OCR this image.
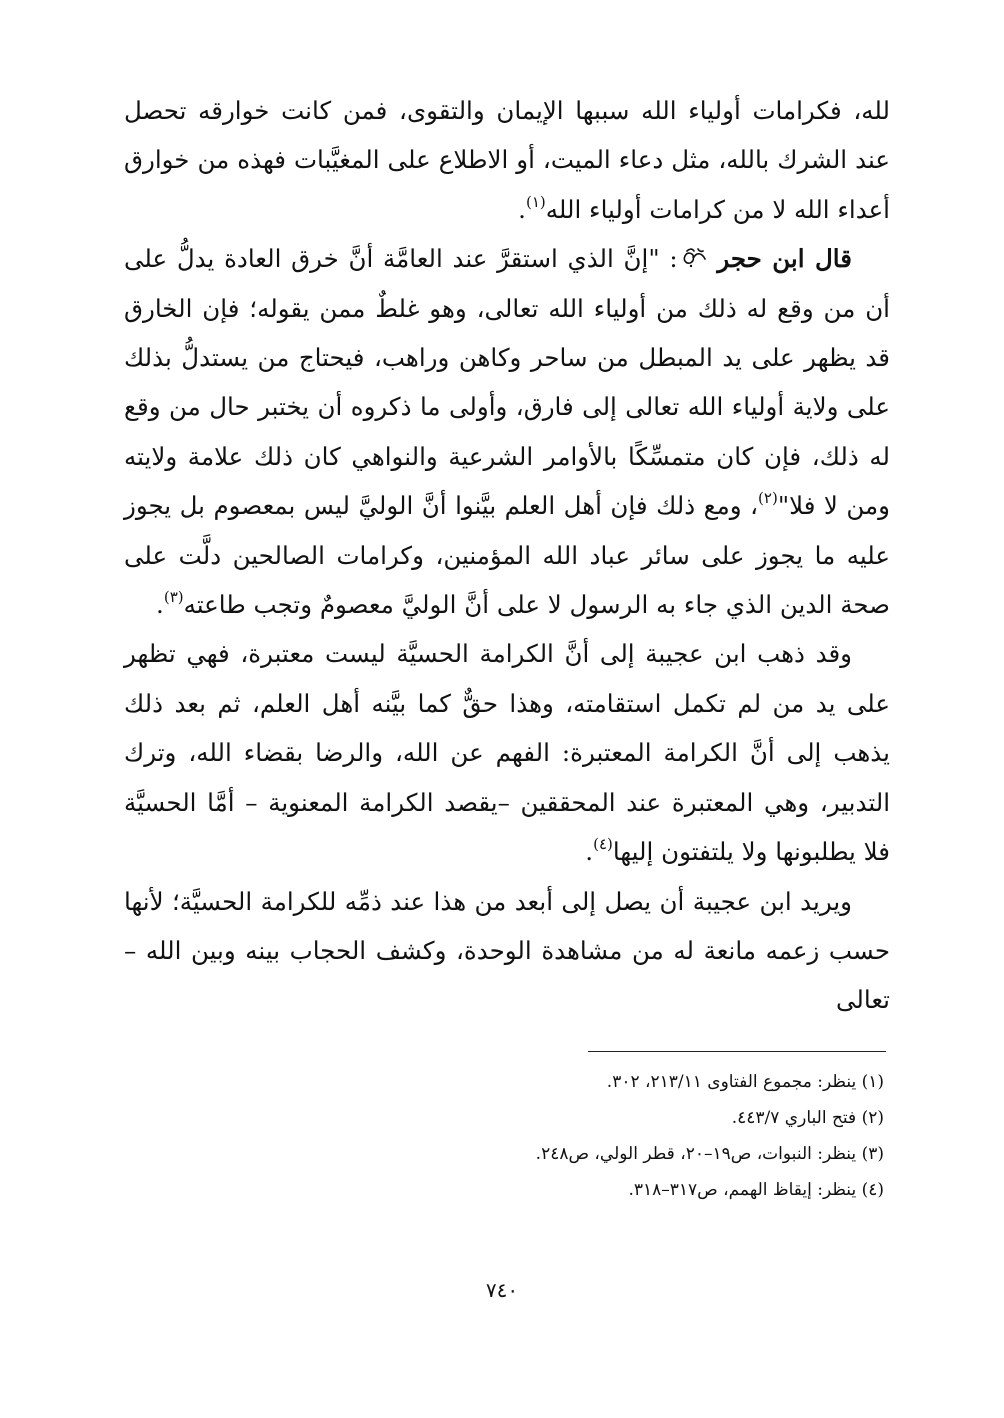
لله، فكرامات أولياء الله سببها الإيمان والتقوى، فمن كانت خوارقه تحصل عند الشرك بالله، مثل دعاء الميت، أو الاطلاع على المغيَّبات فهذه من خوارق أعداء الله لا من كرامات أولياء الله$^{(١)}$.

قال ابن حجر : "إنَّ الذي استقرَّ عند العامَّة أنَّ خرق العادة يدلُّ على أن من وقع له ذلك من أولياء الله تعالى، وهو غلطٌ ممن يقوله؛ فإن الخارق قد يظهر على يد المبطل من ساحر وكاهن وراهب، فيحتاج من يستدلُّ بذلك على ولاية أولياء الله تعالى إلى فارق، وأولى ما ذكروه أن يختبر حال من وقع له ذلك، فإن كان متمسِّكًا بالأوامر الشرعية والنواهي كان ذلك علامة ولايته ومن لا فلا"$^{(٢)}$، ومع ذلك فإن أهل العلم بيَّنوا أنَّ الوليَّ ليس بمعصوم بل يجوز عليه ما يجوز على سائر عباد الله المؤمنين، وكرامات الصالحين دلَّت على صحة الدين الذي جاء به الرسول لا على أنَّ الوليَّ معصومٌ وتجب طاعته$^{(٣)}$.

وقد ذهب ابن عجيبة إلى أنَّ الكرامة الحسيَّة ليست معتبرة، فهي تظهر على يد من لم تكمل استقامته، وهذا حقٌّ كما بيَّنه أهل العلم، ثم بعد ذلك يذهب إلى أنَّ الكرامة المعتبرة: الفهم عن الله، والرضا بقضاء الله، وترك التدبير، وهي المعتبرة عند المحققين –يقصد الكرامة المعنوية – أمَّا الحسيَّة فلا يطلبونها ولا يلتفتون إليها$^{(٤)}$.

ويريد ابن عجيبة أن يصل إلى أبعد من هذا عند ذمِّه للكرامة الحسيَّة؛ لأنها حسب زعمه مانعة له من مشاهدة الوحدة، وكشف الحجاب بينه وبين الله –تعالى

(١) ينظر: مجموع الفتاوى ٢١٣/١١، ٣٠٢.

(٢) فتح الباري ٤٤٣/٧.

(٣) ينظر: النبوات، ص١٩–٢٠، قطر الولي، ص٢٤٨.

(٤) ينظر: إيقاظ الهمم، ص٣١٧–٣١٨.

٧٤٠
